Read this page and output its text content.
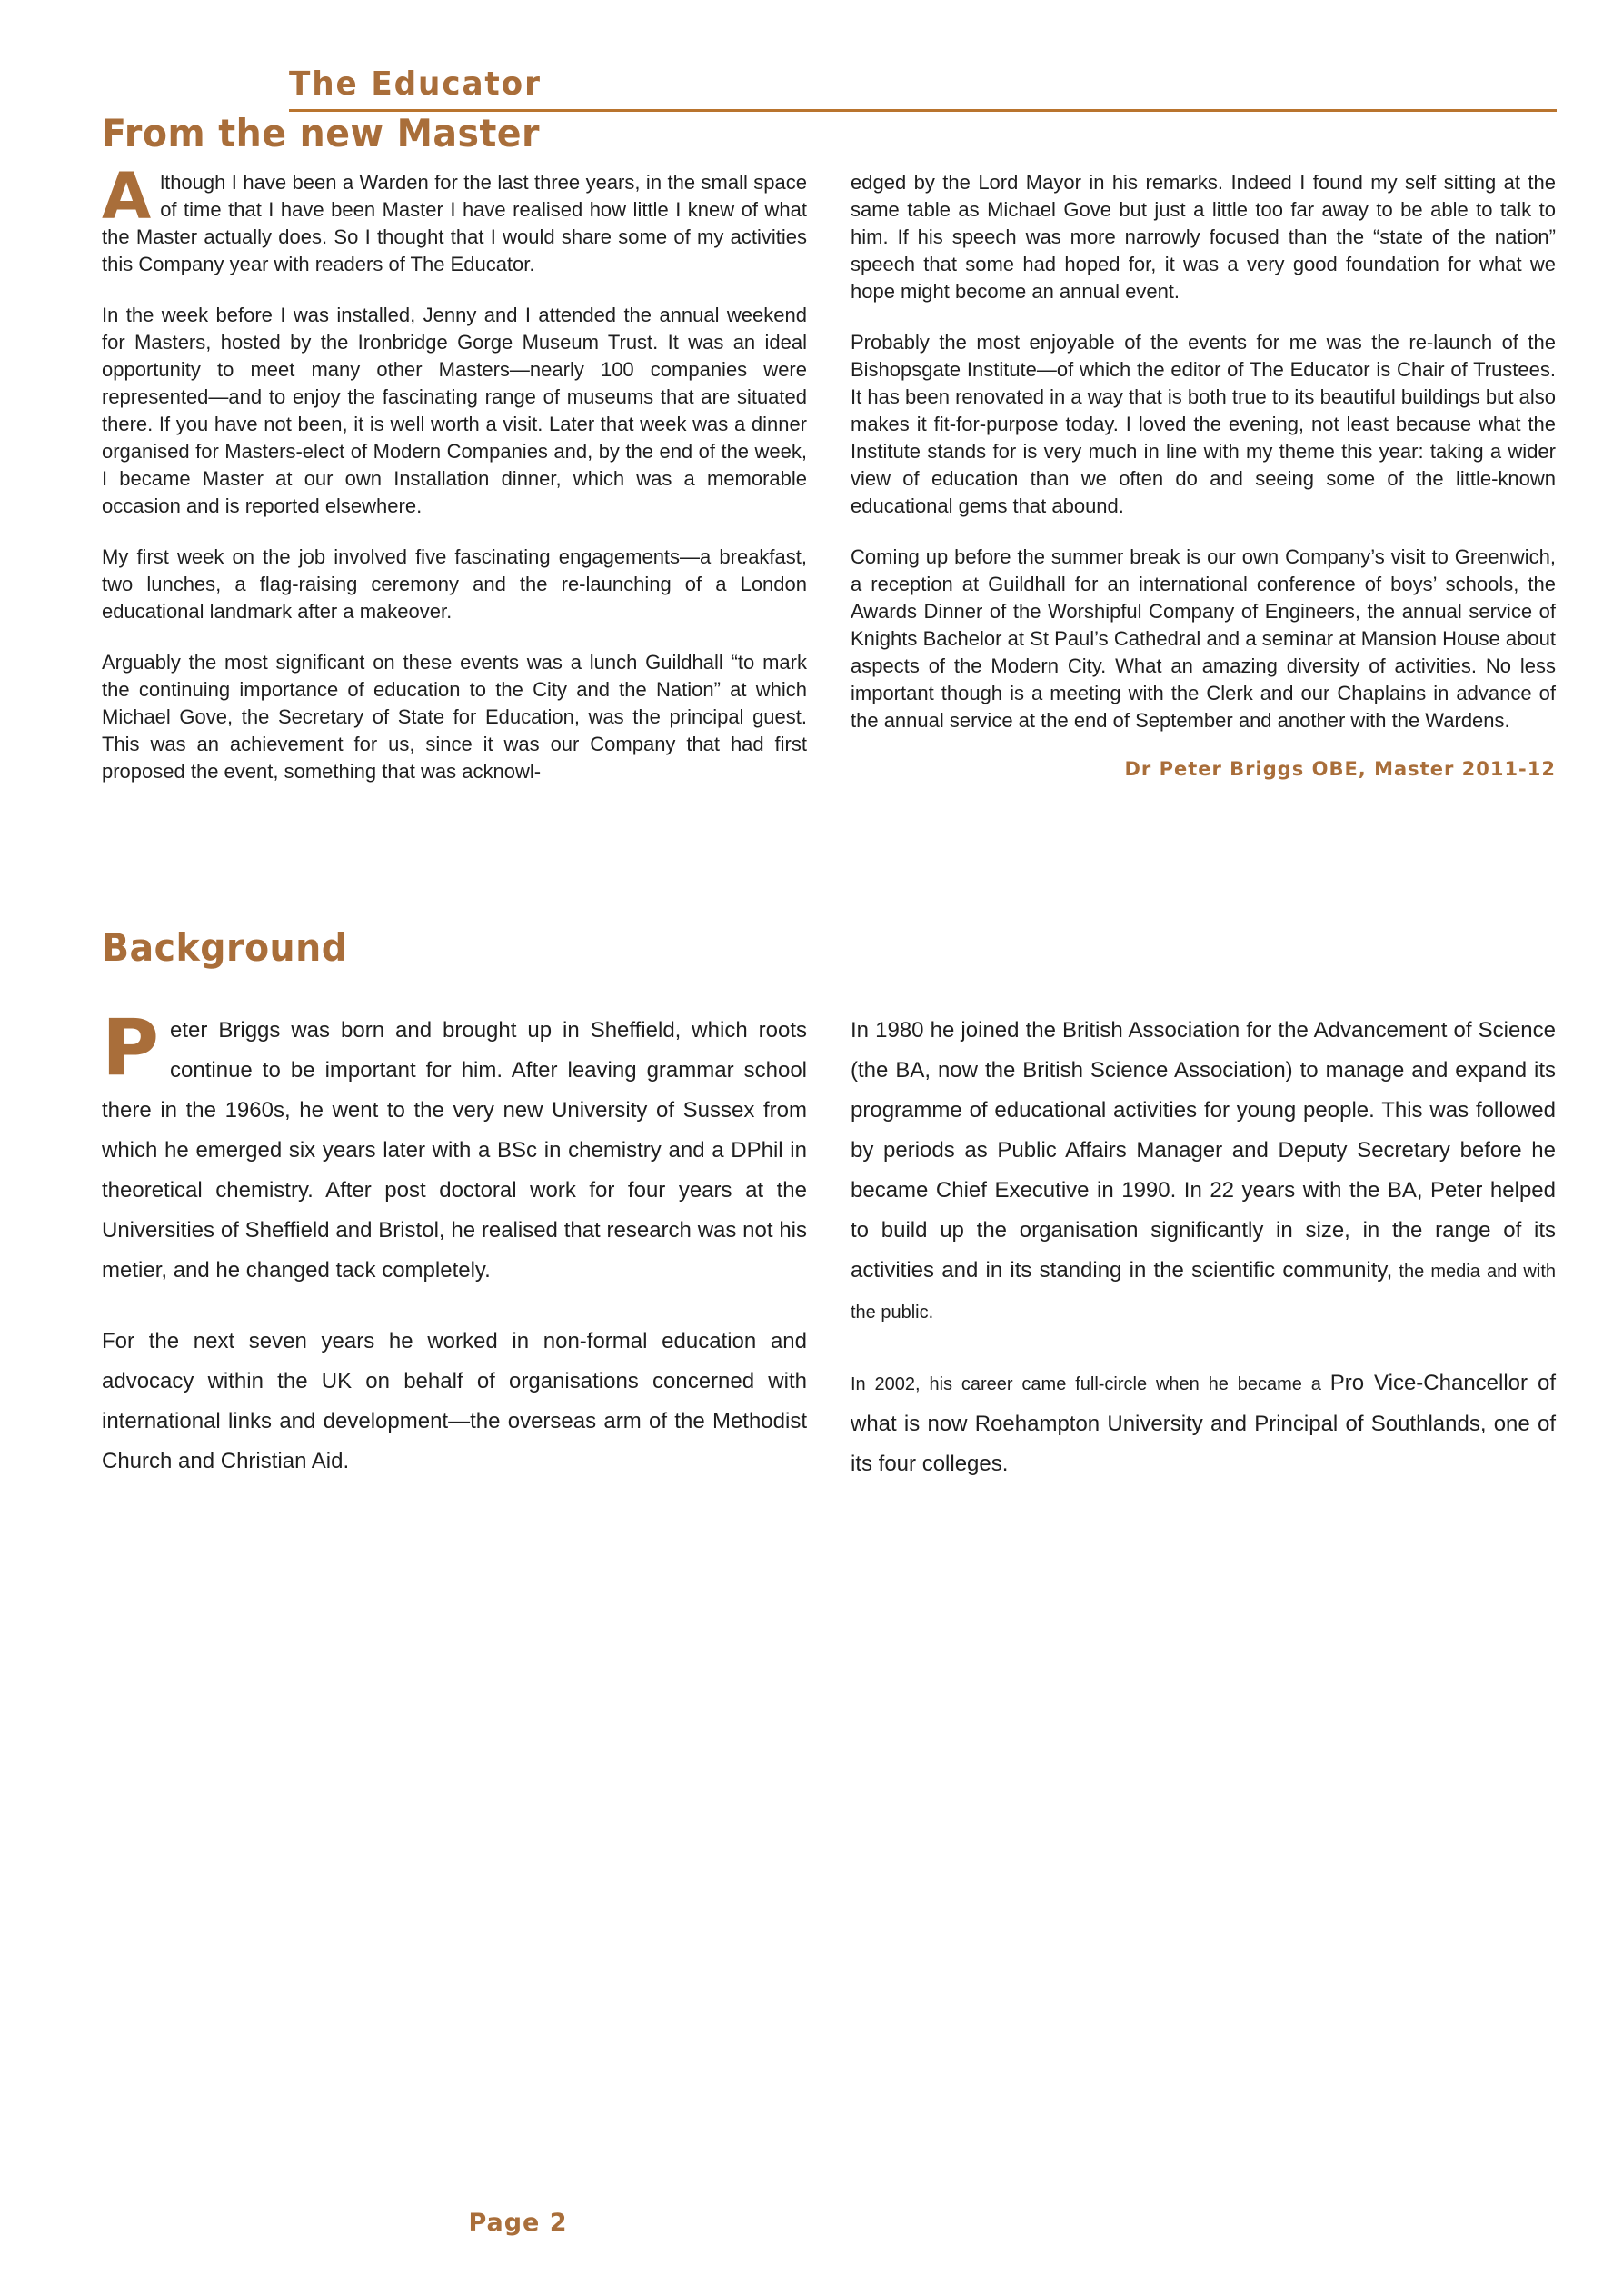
The Educator
From the new Master

Although I have been a Warden for the last three years, in the small space of time that I have been Master I have realised how little I knew of what the Master actually does. So I thought that I would share some of my activities this Company year with readers of The Educator.

In the week before I was installed, Jenny and I attended the annual weekend for Masters, hosted by the Ironbridge Gorge Museum Trust. It was an ideal opportunity to meet many other Masters—nearly 100 companies were represented—and to enjoy the fascinating range of museums that are situated there. If you have not been, it is well worth a visit. Later that week was a dinner organised for Masters-elect of Modern Companies and, by the end of the week, I became Master at our own Installation dinner, which was a memorable occasion and is reported elsewhere.

My first week on the job involved five fascinating engagements—a breakfast, two lunches, a flag-raising ceremony and the re-launching of a London educational landmark after a makeover.

Arguably the most significant on these events was a lunch Guildhall “to mark the continuing importance of education to the City and the Nation” at which Michael Gove, the Secretary of State for Education, was the principal guest. This was an achievement for us, since it was our Company that had first proposed the event, something that was acknowl-

edged by the Lord Mayor in his remarks. Indeed I found my self sitting at the same table as Michael Gove but just a little too far away to be able to talk to him. If his speech was more narrowly focused than the “state of the nation” speech that some had hoped for, it was a very good foundation for what we hope might become an annual event.

Probably the most enjoyable of the events for me was the re-launch of the Bishopsgate Institute—of which the editor of The Educator is Chair of Trustees. It has been renovated in a way that is both true to its beautiful buildings but also makes it fit-for-purpose today. I loved the evening, not least because what the Institute stands for is very much in line with my theme this year: taking a wider view of education than we often do and seeing some of the little-known educational gems that abound.

Coming up before the summer break is our own Company’s visit to Greenwich, a reception at Guildhall for an international conference of boys’ schools, the Awards Dinner of the Worshipful Company of Engineers, the annual service of Knights Bachelor at St Paul’s Cathedral and a seminar at Mansion House about aspects of the Modern City. What an amazing diversity of activities. No less important though is a meeting with the Clerk and our Chaplains in advance of the annual service at the end of September and another with the Wardens.

Dr Peter Briggs OBE, Master 2011-12
Background

Peter Briggs was born and brought up in Sheffield, which roots continue to be important for him. After leaving grammar school there in the 1960s, he went to the very new University of Sussex from which he emerged six years later with a BSc in chemistry and a DPhil in theoretical chemistry. After post doctoral work for four years at the Universities of Sheffield and Bristol, he realised that research was not his metier, and he changed tack completely.

For the next seven years he worked in non-formal education and advocacy within the UK on behalf of organisations concerned with international links and development—the overseas arm of the Methodist Church and Christian Aid.

In 1980 he joined the British Association for the Advancement of Science (the BA, now the British Science Association) to manage and expand its programme of educational activities for young people. This was followed by periods as Public Affairs Manager and Deputy Secretary before he became Chief Executive in 1990. In 22 years with the BA, Peter helped to build up the organisation significantly in size, in the range of its activities and in its standing in the scientific community, the media and with the public.

In 2002, his career came full-circle when he became a Pro Vice-Chancellor of what is now Roehampton University and Principal of Southlands, one of its four colleges.

Page 2
